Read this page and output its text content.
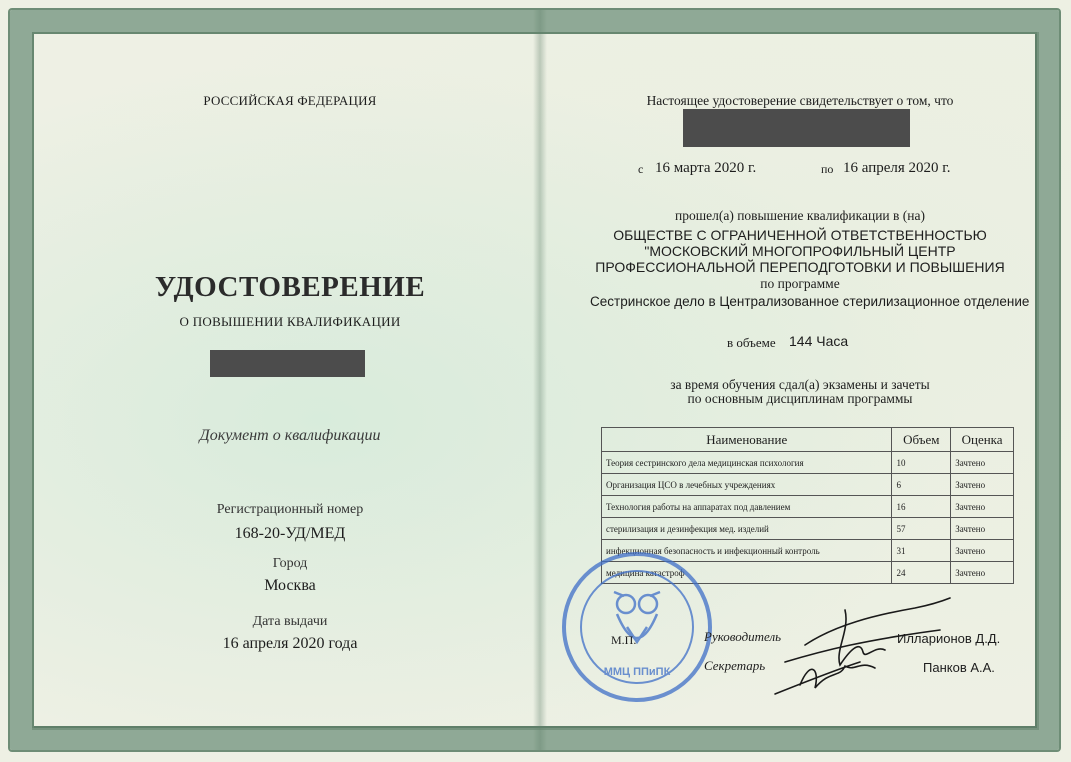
РОССИЙСКАЯ ФЕДЕРАЦИЯ
УДОСТОВЕРЕНИЕ
О ПОВЫШЕНИИ КВАЛИФИКАЦИИ
Документ о квалификации
Регистрационный номер
168-20-УД/МЕД
Город
Москва
Дата выдачи
16 апреля 2020 года
Настоящее удостоверение свидетельствует о том, что
с 16 марта 2020 г.	по 16 апреля 2020 г.
прошел(а) повышение квалификации в (на)
ОБЩЕСТВЕ С ОГРАНИЧЕННОЙ ОТВЕТСТВЕННОСТЬЮ
"МОСКОВСКИЙ МНОГОПРОФИЛЬНЫЙ ЦЕНТР
ПРОФЕССИОНАЛЬНОЙ ПЕРЕПОДГОТОВКИ И ПОВЫШЕНИЯ
по программе
Сестринское дело в Централизованное стерилизационное отделение
в объеме 144 Часа
за время обучения сдал(а) экзамены и зачеты
по основным дисциплинам программы
Наименование	Объем	Оценка
Теория сестринского дела медицинская психология	10	Зачтено
Организация ЦСО в лечебных учреждениях	6	Зачтено
Технология работы на аппаратах под давлением	16	Зачтено
стерилизация и дезинфекция мед. изделий	57	Зачтено
инфекционная безопасность и инфекционный контроль	31	Зачтено
медицина катастроф	24	Зачтено
ММЦ ППиПК
М.П.	Руководитель	Илларионов Д.Д.
Секретарь	Панков А.А.
